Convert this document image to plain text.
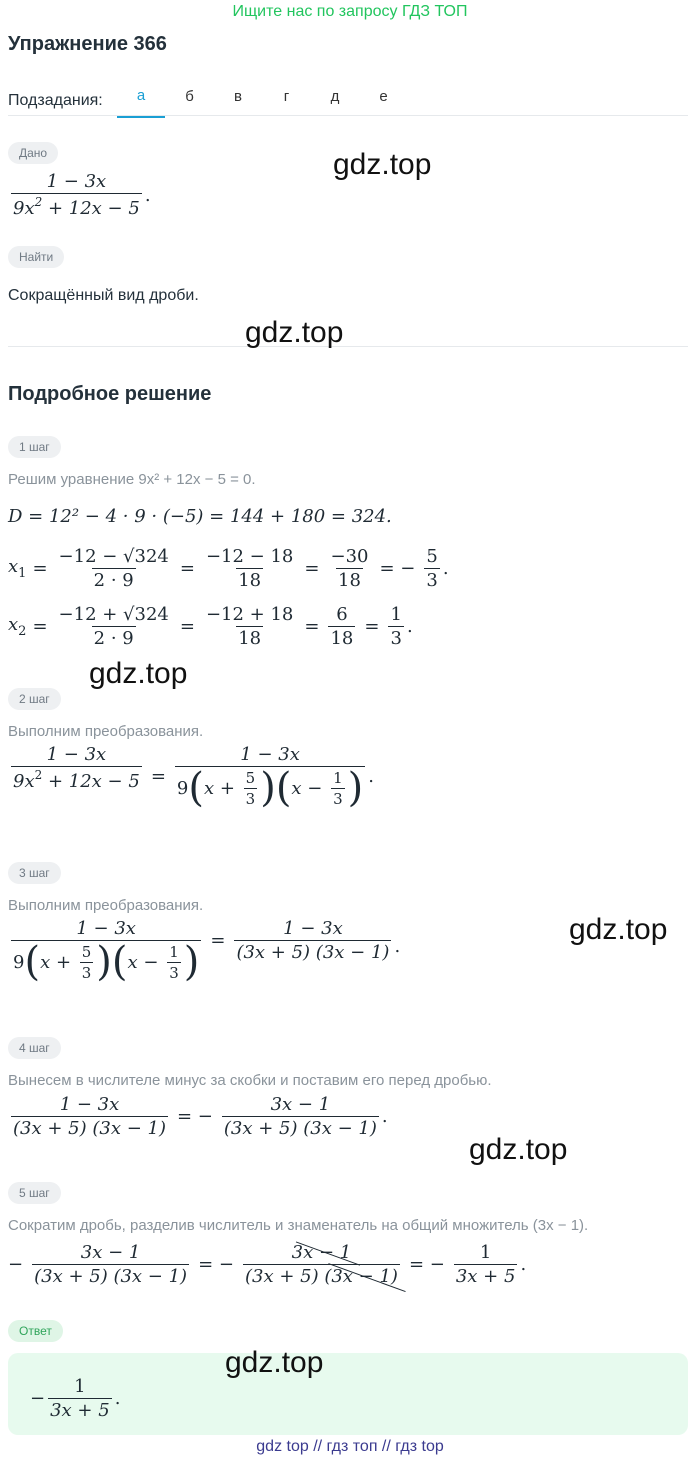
Ищите нас по запросу ГДЗ ТОП
Упражнение 366
Подзадания:	а	б	в	г	д	е
Дано
$\frac{1 - 3x}{9x^2 + 12x - 5}$ .
Найти
Сокращённый вид дроби.
Подробное решение
1 шаг
Решим уравнение 9x² + 12x − 5 = 0.
D = 12² − 4 · 9 · (−5) = 144 + 180 = 324.
$x_1 = \frac{-12 - √324}{2 \cdot 9} = \frac{-12 - 18}{18} = \frac{-30}{18}$ = − $\frac{5}{3}$ .
$x_2 = \frac{-12 + √324}{2 \cdot 9} = \frac{-12 + 18}{18} = \frac{6}{18} = \frac{1}{3}$ .
2 шаг
Выполним преобразования.
$\frac{1 - 3x}{9x^2 + 12x - 5} = \frac{1 - 3x}{9 ( x + \frac{5}{3} ) ( x - \frac{1}{3} )}$ .
3 шаг
Выполним преобразования.
$\frac{1 - 3x}{9 ( x + \frac{5}{3} ) ( x - \frac{1}{3} )} = \frac{1 - 3x}{(3x + 5) (3x - 1)}$ .
4 шаг
Вынесем в числителе минус за скобки и поставим его перед дробью.
$\frac{1 - 3x}{(3x + 5) (3x - 1)}$ = − $\frac{3x - 1}{(3x + 5) (3x - 1)}$ .
5 шаг
Сократим дробь, разделив числитель и знаменатель на общий множитель (3x − 1).
− $\frac{3x - 1}{(3x + 5) (3x - 1)}$ = − $\frac{3x - 1}{(3x + 5) (3x - 1)}$ = − $\frac{1}{3x + 5}$ .
Ответ
− $\frac{1}{3x + 5}$ .
gdz.top
gdz.top
gdz.top
gdz.top
gdz.top
gdz.top
gdz top // гдз топ // гдз top
